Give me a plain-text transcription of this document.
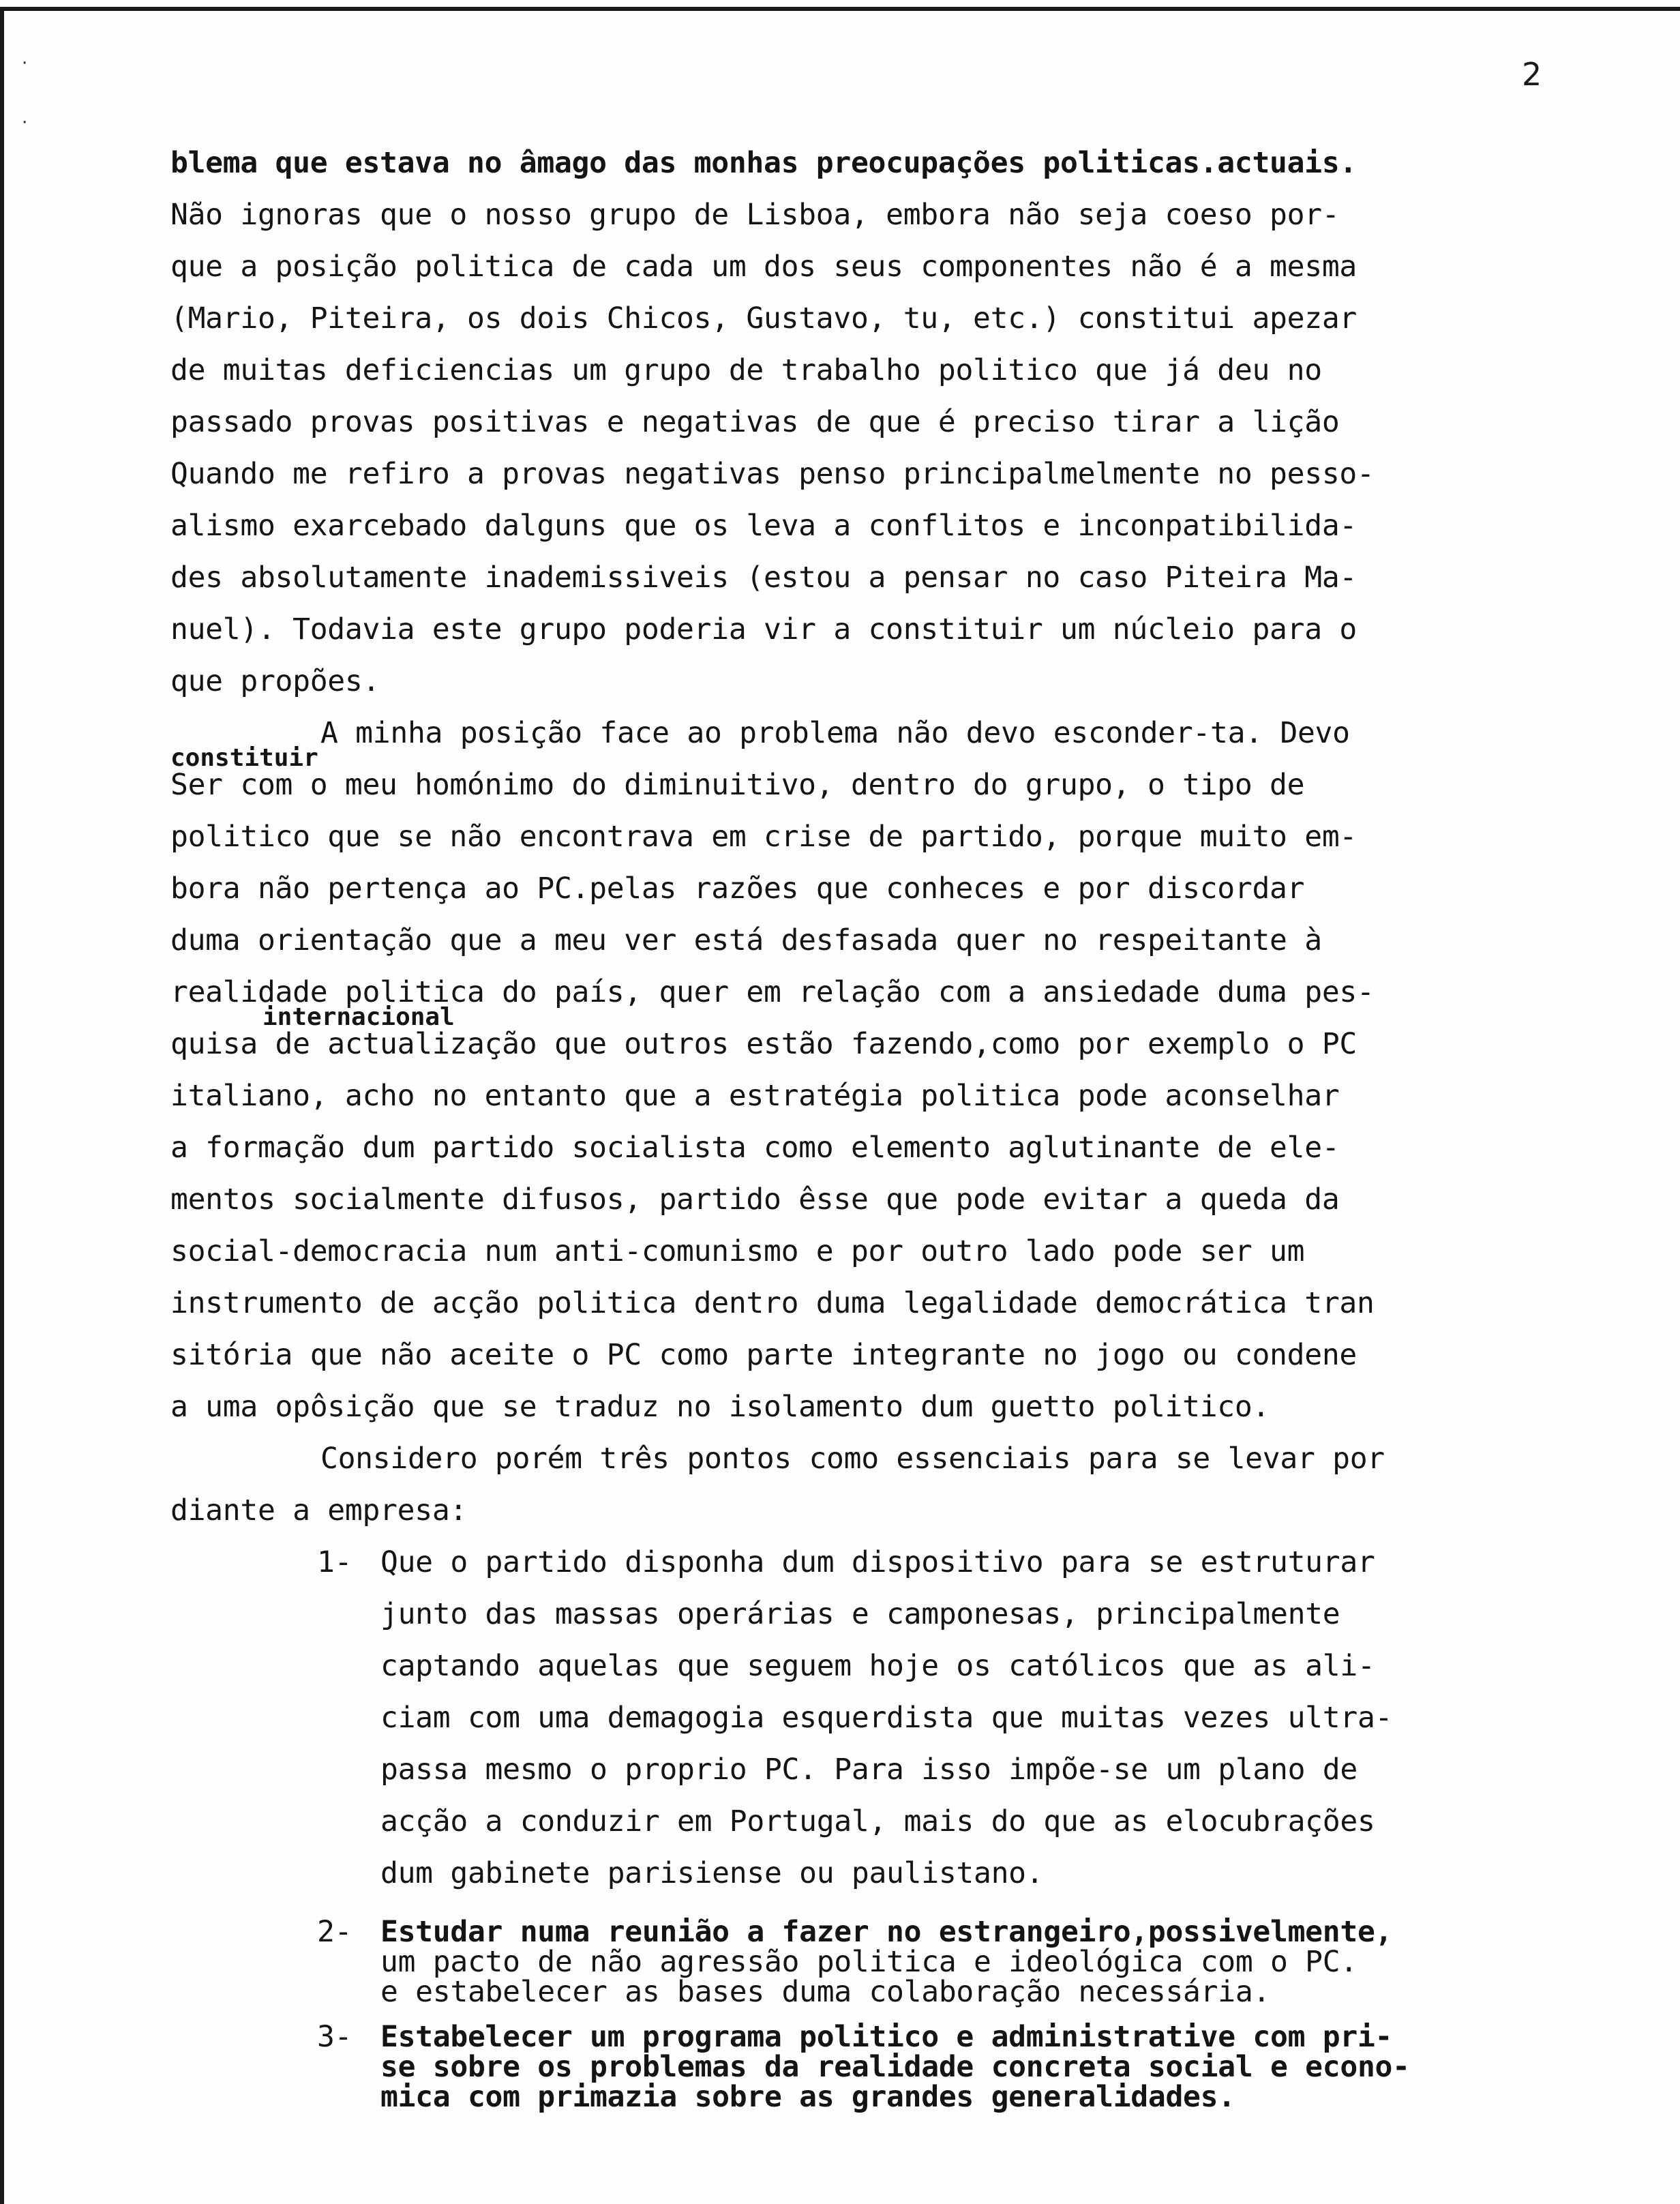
·
·
2
blema que estava no âmago das monhas preocupações politicas.actuais.
Não ignoras que o nosso grupo de Lisboa, embora não seja coeso por-
que a posição politica de cada um dos seus componentes não é a mesma
(Mario, Piteira, os dois Chicos, Gustavo, tu, etc.) constitui apezar
de muitas deficiencias um grupo de trabalho politico que já deu no
passado provas positivas e negativas de que é preciso tirar a lição
Quando me refiro a provas negativas penso principalmelmente no pesso-
alismo exarcebado dalguns que os leva a conflitos e inconpatibilida-
des absolutamente inademissiveis (estou a pensar no caso Piteira Ma-
nuel). Todavia este grupo poderia vir a constituir um núcleio para o
que propões.
A minha posição face ao problema não devo esconder-ta. Devo
constituir
Ser com o meu homónimo do diminuitivo, dentro do grupo, o tipo de
politico que se não encontrava em crise de partido, porque muito em-
bora não pertença ao PC.pelas razões que conheces e por discordar
duma orientação que a meu ver está desfasada quer no respeitante à
realidade politica do país, quer em relação com a ansiedade duma pes-
internacional
quisa de actualização que outros estão fazendo,como por exemplo o PC
italiano, acho no entanto que a estratégia politica pode aconselhar
a formação dum partido socialista como elemento aglutinante de ele-
mentos socialmente difusos, partido êsse que pode evitar a queda da
social-democracia num anti-comunismo e por outro lado pode ser um
instrumento de acção politica dentro duma legalidade democrática tran
sitória que não aceite o PC como parte integrante no jogo ou condene
a uma opôsição que se traduz no isolamento dum guetto politico.
Considero porém três pontos como essenciais para se levar por
diante a empresa:
1- Que o partido disponha dum dispositivo para se estruturar
junto das massas operárias e camponesas, principalmente
captando aquelas que seguem hoje os católicos que as ali-
ciam com uma demagogia esquerdista que muitas vezes ultra-
passa mesmo o proprio PC. Para isso impõe-se um plano de
acção a conduzir em Portugal, mais do que as elocubrações
dum gabinete parisiense ou paulistano.
2- Estudar numa reunião a fazer no estrangeiro,possivelmente,
um pacto de não agressão politica e ideológica com o PC.
e estabelecer as bases duma colaboração necessária.
3- Estabelecer um programa politico e administrative com pri-
se sobre os problemas da realidade concreta social e econo-
mica com primazia sobre as grandes generalidades.
